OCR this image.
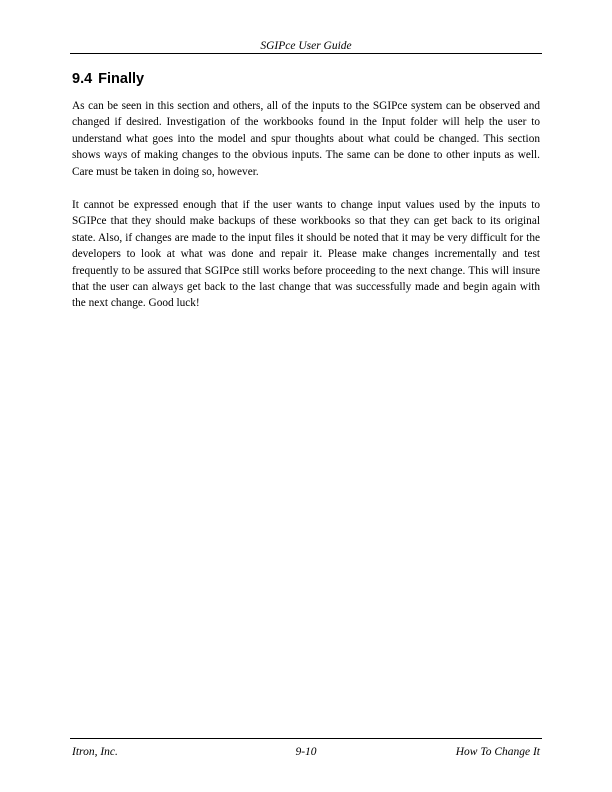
SGIPce User Guide
9.4 Finally

As can be seen in this section and others, all of the inputs to the SGIPce system can be observed and changed if desired. Investigation of the workbooks found in the Input folder will help the user to understand what goes into the model and spur thoughts about what could be changed. This section shows ways of making changes to the obvious inputs. The same can be done to other inputs as well. Care must be taken in doing so, however.

It cannot be expressed enough that if the user wants to change input values used by the inputs to SGIPce that they should make backups of these workbooks so that they can get back to its original state. Also, if changes are made to the input files it should be noted that it may be very difficult for the developers to look at what was done and repair it. Please make changes incrementally and test frequently to be assured that SGIPce still works before proceeding to the next change. This will insure that the user can always get back to the last change that was successfully made and begin again with the next change. Good luck!

Itron, Inc.	9-10	How To Change It
